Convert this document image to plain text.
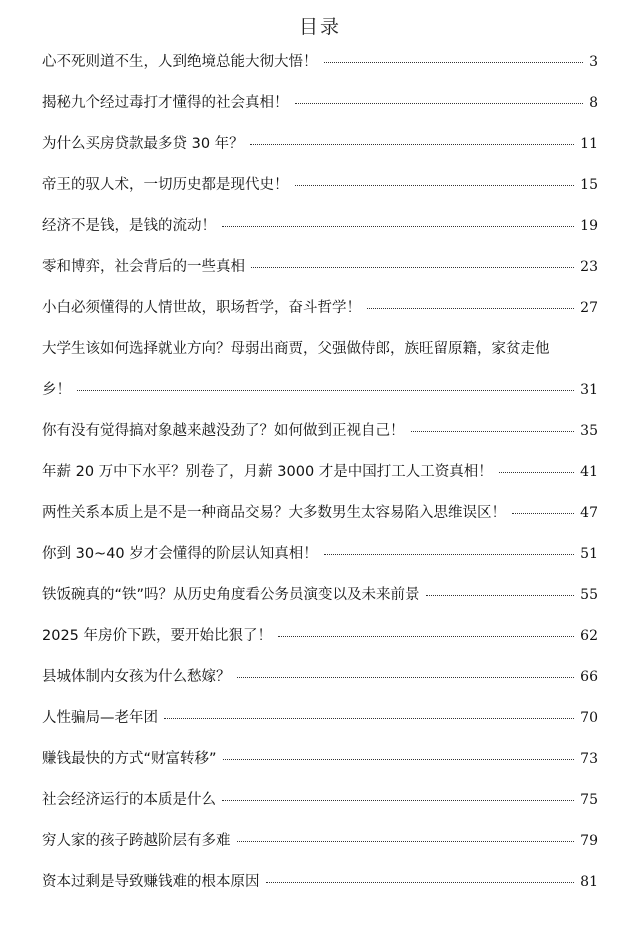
目录
心不死则道不生，人到绝境总能大彻大悟！	3
揭秘九个经过毒打才懂得的社会真相！	8
为什么买房贷款最多贷 30 年？	11
帝王的驭人术，一切历史都是现代史！	15
经济不是钱，是钱的流动！	19
零和博弈，社会背后的一些真相	23
小白必须懂得的人情世故，职场哲学，奋斗哲学！	27
大学生该如何选择就业方向？母弱出商贾，父强做侍郎，族旺留原籍，家贫走他
乡！	31
你有没有觉得搞对象越来越没劲了？如何做到正视自己！	35
年薪 20 万中下水平？别卷了，月薪 3000 才是中国打工人工资真相！	41
两性关系本质上是不是一种商品交易？大多数男生太容易陷入思维误区！	47
你到 30~40 岁才会懂得的阶层认知真相！	51
铁饭碗真的“铁”吗？从历史角度看公务员演变以及未来前景	55
2025 年房价下跌，要开始比狠了！	62
县城体制内女孩为什么愁嫁？	66
人性骗局—老年团	70
赚钱最快的方式“财富转移”	73
社会经济运行的本质是什么	75
穷人家的孩子跨越阶层有多难	79
资本过剩是导致赚钱难的根本原因	81
